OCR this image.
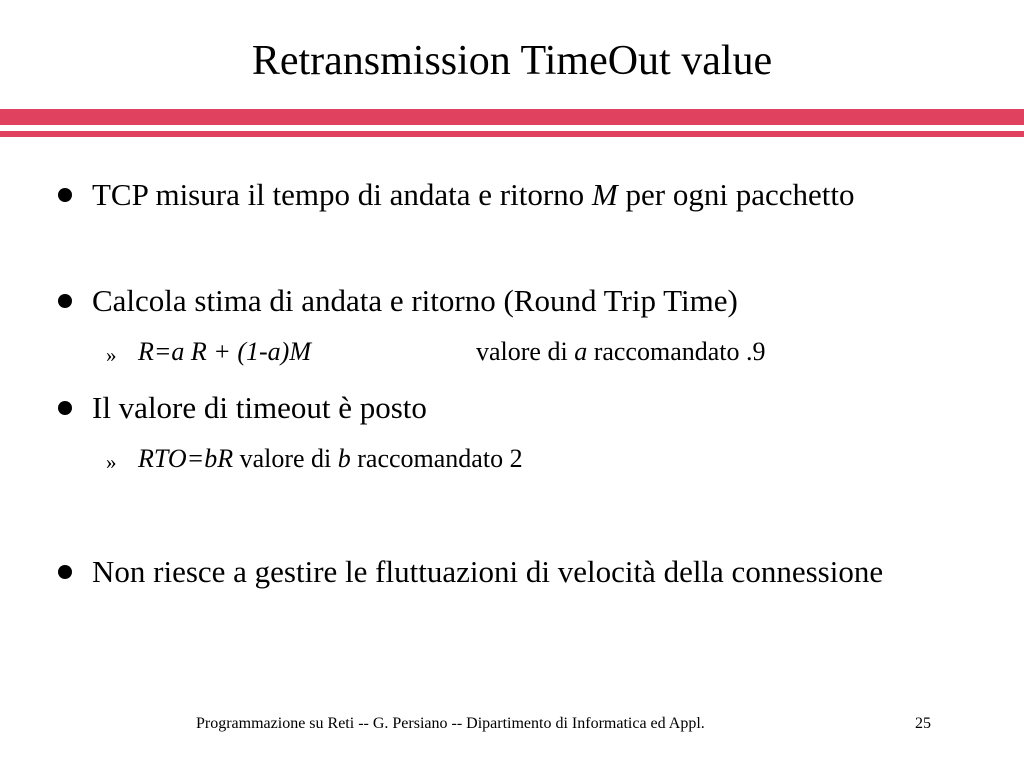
Retransmission TimeOut value
TCP misura il tempo di andata e ritorno M per ogni pacchetto
Calcola stima di andata e ritorno (Round Trip Time)
» R=a R + (1-a)M	valore di a raccomandato .9
Il valore di timeout è posto
» RTO=bR valore di b raccomandato 2
Non riesce a gestire le fluttuazioni di velocità della connessione
Programmazione su Reti -- G. Persiano -- Dipartimento di Informatica ed Appl.	25
